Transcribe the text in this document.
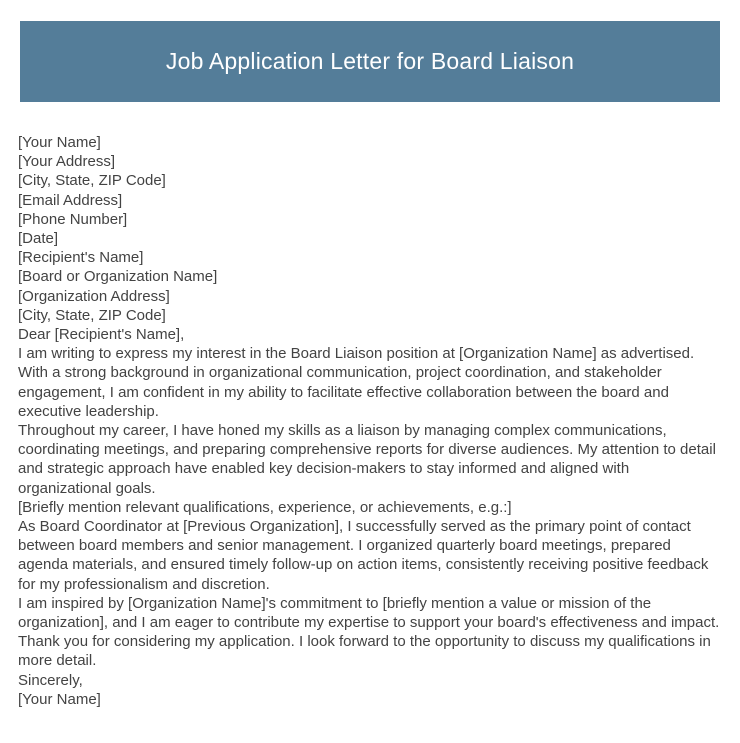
Job Application Letter for Board Liaison
[Your Name]
[Your Address]
[City, State, ZIP Code]
[Email Address]
[Phone Number]
[Date]
[Recipient's Name]
[Board or Organization Name]
[Organization Address]
[City, State, ZIP Code]
Dear [Recipient's Name],

I am writing to express my interest in the Board Liaison position at [Organization Name] as advertised. With a strong background in organizational communication, project coordination, and stakeholder engagement, I am confident in my ability to facilitate effective collaboration between the board and executive leadership.

Throughout my career, I have honed my skills as a liaison by managing complex communications, coordinating meetings, and preparing comprehensive reports for diverse audiences. My attention to detail and strategic approach have enabled key decision-makers to stay informed and aligned with organizational goals.

[Briefly mention relevant qualifications, experience, or achievements, e.g.:]

As Board Coordinator at [Previous Organization], I successfully served as the primary point of contact between board members and senior management. I organized quarterly board meetings, prepared agenda materials, and ensured timely follow-up on action items, consistently receiving positive feedback for my professionalism and discretion.

I am inspired by [Organization Name]'s commitment to [briefly mention a value or mission of the organization], and I am eager to contribute my expertise to support your board's effectiveness and impact.

Thank you for considering my application. I look forward to the opportunity to discuss my qualifications in more detail.

Sincerely,
[Your Name]
